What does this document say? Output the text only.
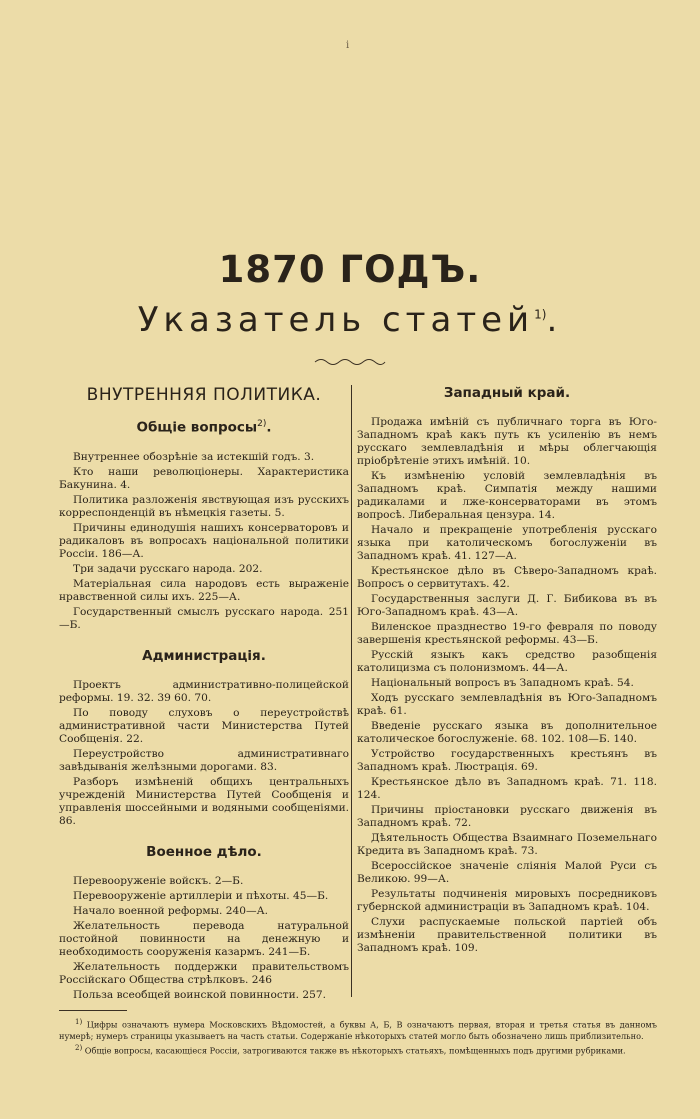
i
1870 ГОДЪ.
Указатель статей$^{1)}$.
ВНУТРЕННЯЯ ПОЛИТИКА.
Общіе вопросы$^{2)}$.

Внутреннее обозрѣніе за истекшій годъ. 3.

Кто наши революціонеры. Характеристика Бакунина. 4.

Политика разложенія явствующая изъ русскихъ корреспонденцій въ нѣмецкія газеты. 5.

Причины единодушія нашихъ консерваторовъ и радикаловъ въ вопросахъ національной политики Россіи. 186—А.

Три задачи русскаго народа. 202.

Матеріальная сила народовъ есть выраженіе нравственной силы ихъ. 225—А.

Государственный смыслъ русскаго народа. 251—Б.

Администрація.

Проектъ административно-полицейской реформы. 19. 32. 39 60. 70.

По поводу слуховъ о переустройствѣ административной части Министерства Путей Сообщенія. 22.

Переустройство административнаго завѣдыванія желѣзными дорогами. 83.

Разборъ измѣненій общихъ центральныхъ учрежденій Министерства Путей Сообщенія и управленія шоссейными и водяными сообщеніями. 86.

Военное дѣло.

Перевооруженіе войскъ. 2—Б.

Перевооруженіе артиллеріи и пѣхоты. 45—Б.

Начало военной реформы. 240—А.

Желательность перевода натуральной постойной повинности на денежную и необходимость сооруженія казармъ. 241—Б.

Желательность поддержки правительствомъ Россійскаго Общества стрѣлковъ. 246

Польза всеобщей воинской повинности. 257.

Западный край.

Продажа имѣній съ публичнаго торга въ Юго-Западномъ краѣ какъ путь къ усиленію въ немъ русскаго землевладѣнія и мѣры облегчающія пріобрѣтеніе этихъ имѣній. 10.

Къ измѣненію условій землевладѣнія въ Западномъ краѣ. Симпатія между нашими радикалами и лже-консерваторами въ этомъ вопросѣ. Либеральная цензура. 14.

Начало и прекращеніе употребленія русскаго языка при католическомъ богослуженіи въ Западномъ краѣ. 41. 127—А.

Крестьянское дѣло въ Сѣверо-Западномъ краѣ. Вопросъ о сервитутахъ. 42.

Государственныя заслуги Д. Г. Бибикова въ въ Юго-Западномъ краѣ. 43—А.

Виленское празднество 19-го февраля по поводу завершенія крестьянской реформы. 43—Б.

Русскій языкъ какъ средство разобщенія католицизма съ полонизмомъ. 44—А.

Національный вопросъ въ Западномъ краѣ. 54.

Ходъ русскаго землевладѣнія въ Юго-Западномъ краѣ. 61.

Введеніе русскаго языка въ дополнительное католическое богослуженіе. 68. 102. 108—Б. 140.

Устройство государственныхъ крестьянъ въ Западномъ краѣ. Люстрація. 69.

Крестьянское дѣло въ Западномъ краѣ. 71. 118. 124.

Причины пріостановки русскаго движенія въ Западномъ краѣ. 72.

Дѣятельность Общества Взаимнаго Поземельнаго Кредита въ Западномъ краѣ. 73.

Всероссійское значеніе сліянія Малой Руси съ Великою. 99—А.

Результаты подчиненія мировыхъ посредниковъ губернской администраціи въ Западномъ краѣ. 104.

Слухи распускаемые польской партіей объ измѣненіи правительственной политики въ Западномъ краѣ. 109.

$^{1)}$ Цифры означаютъ нумера Московскихъ Вѣдомостей, а буквы А, Б, В означаютъ первая, вторая и третья статья въ данномъ нумерѣ; нумеръ страницы указываетъ на часть статьи. Содержаніе нѣкоторыхъ статей могло быть обозначено лишь приблизительно.

$^{2)}$ Общіе вопросы, касающіеся Россіи, затрогиваются также въ нѣкоторыхъ статьяхъ, помѣщенныхъ подъ другими рубриками.
